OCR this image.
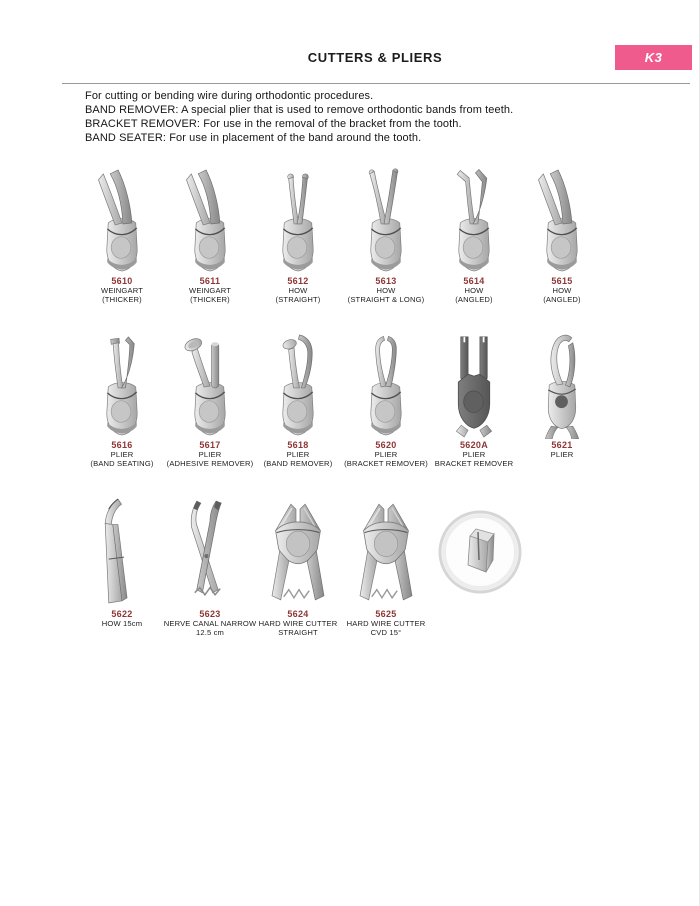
CUTTERS & PLIERS	K3
For cutting or bending wire during orthodontic procedures.
BAND REMOVER: A special plier that is used to remove orthodontic bands from teeth.
BRACKET REMOVER: For use in the removal of the bracket from the tooth.
BAND SEATER: For use in placement of the band around the tooth.
5610
WEINGART
(THICKER)
5611
WEINGART
(THICKER)
5612
HOW
(STRAIGHT)
5613
HOW
(STRAIGHT & LONG)
5614
HOW
(ANGLED)
5615
HOW
(ANGLED)
5616
PLIER
(BAND SEATING)
5617
PLIER
(ADHESIVE REMOVER)
5618
PLIER
(BAND REMOVER)
5620
PLIER
(BRACKET REMOVER)
5620A
PLIER
BRACKET REMOVER
5621
PLIER
5622
HOW 15cm
5623
NERVE CANAL NARROW
12.5 cm
5624
HARD WIRE CUTTER
STRAIGHT
5625
HARD WIRE CUTTER
CVD 15°
